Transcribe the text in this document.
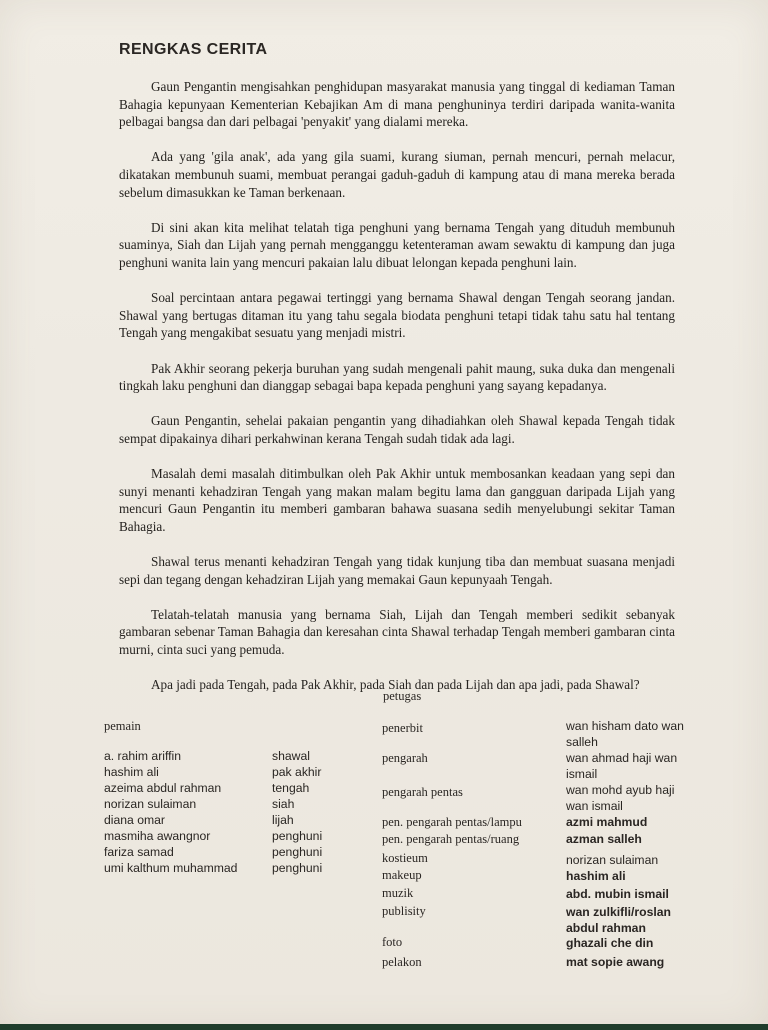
RENGKAS CERITA

Gaun Pengantin mengisahkan penghidupan masyarakat manusia yang tinggal di kediaman Taman Bahagia kepunyaan Kementerian Kebajikan Am di mana penghuninya terdiri daripada wanita-wanita pelbagai bangsa dan dari pelbagai 'penyakit' yang dialami mereka.

Ada yang 'gila anak', ada yang gila suami, kurang siuman, pernah mencuri, pernah melacur, dikatakan membunuh suami, membuat perangai gaduh-gaduh di kampung atau di mana mereka berada sebelum dimasukkan ke Taman berkenaan.

Di sini akan kita melihat telatah tiga penghuni yang bernama Tengah yang dituduh membunuh suaminya, Siah dan Lijah yang pernah mengganggu ketenteraman awam sewaktu di kampung dan juga penghuni wanita lain yang mencuri pakaian lalu dibuat lelongan kepada penghuni lain.

Soal percintaan antara pegawai tertinggi yang bernama Shawal dengan Tengah seorang jandan. Shawal yang bertugas ditaman itu yang tahu segala biodata penghuni tetapi tidak tahu satu hal tentang Tengah yang mengakibat sesuatu yang menjadi mistri.

Pak Akhir seorang pekerja buruhan yang sudah mengenali pahit maung, suka duka dan mengenali tingkah laku penghuni dan dianggap sebagai bapa kepada penghuni yang sayang kepadanya.

Gaun Pengantin, sehelai pakaian pengantin yang dihadiahkan oleh Shawal kepada Tengah tidak sempat dipakainya dihari perkahwinan kerana Tengah sudah tidak ada lagi.

Masalah demi masalah ditimbulkan oleh Pak Akhir untuk membosankan keadaan yang sepi dan sunyi menanti kehadziran Tengah yang makan malam begitu lama dan gangguan daripada Lijah yang mencuri Gaun Pengantin itu memberi gambaran bahawa suasana sedih menyelubungi sekitar Taman Bahagia.

Shawal terus menanti kehadziran Tengah yang tidak kunjung tiba dan membuat suasana menjadi sepi dan tegang dengan kehadziran Lijah yang memakai Gaun kepunyaah Tengah.

Telatah-telatah manusia yang bernama Siah, Lijah dan Tengah memberi sedikit sebanyak gambaran sebenar Taman Bahagia dan keresahan cinta Shawal terhadap Tengah memberi gambaran cinta murni, cinta suci yang pemuda.

Apa jadi pada Tengah, pada Pak Akhir, pada Siah dan pada Lijah dan apa jadi, pada Shawal?

petugas
pemain
a. rahim ariffin	shawal
hashim ali	pak akhir
azeima abdul rahman	tengah
norizan sulaiman	siah
diana omar	lijah
masmiha awangnor	penghuni
fariza samad	penghuni
umi kalthum muhammad	penghuni
penerbit	wan hisham dato wan salleh
pengarah	wan ahmad haji wan ismail
pengarah pentas	wan mohd ayub haji wan ismail
pen. pengarah pentas/lampu	azmi mahmud
pen. pengarah pentas/ruang	azman salleh
kostieum	norizan sulaiman
makeup	hashim ali
muzik	abd. mubin ismail
publisity	wan zulkifli/roslan abdul rahman
foto	ghazali che din
pelakon	mat sopie awang
